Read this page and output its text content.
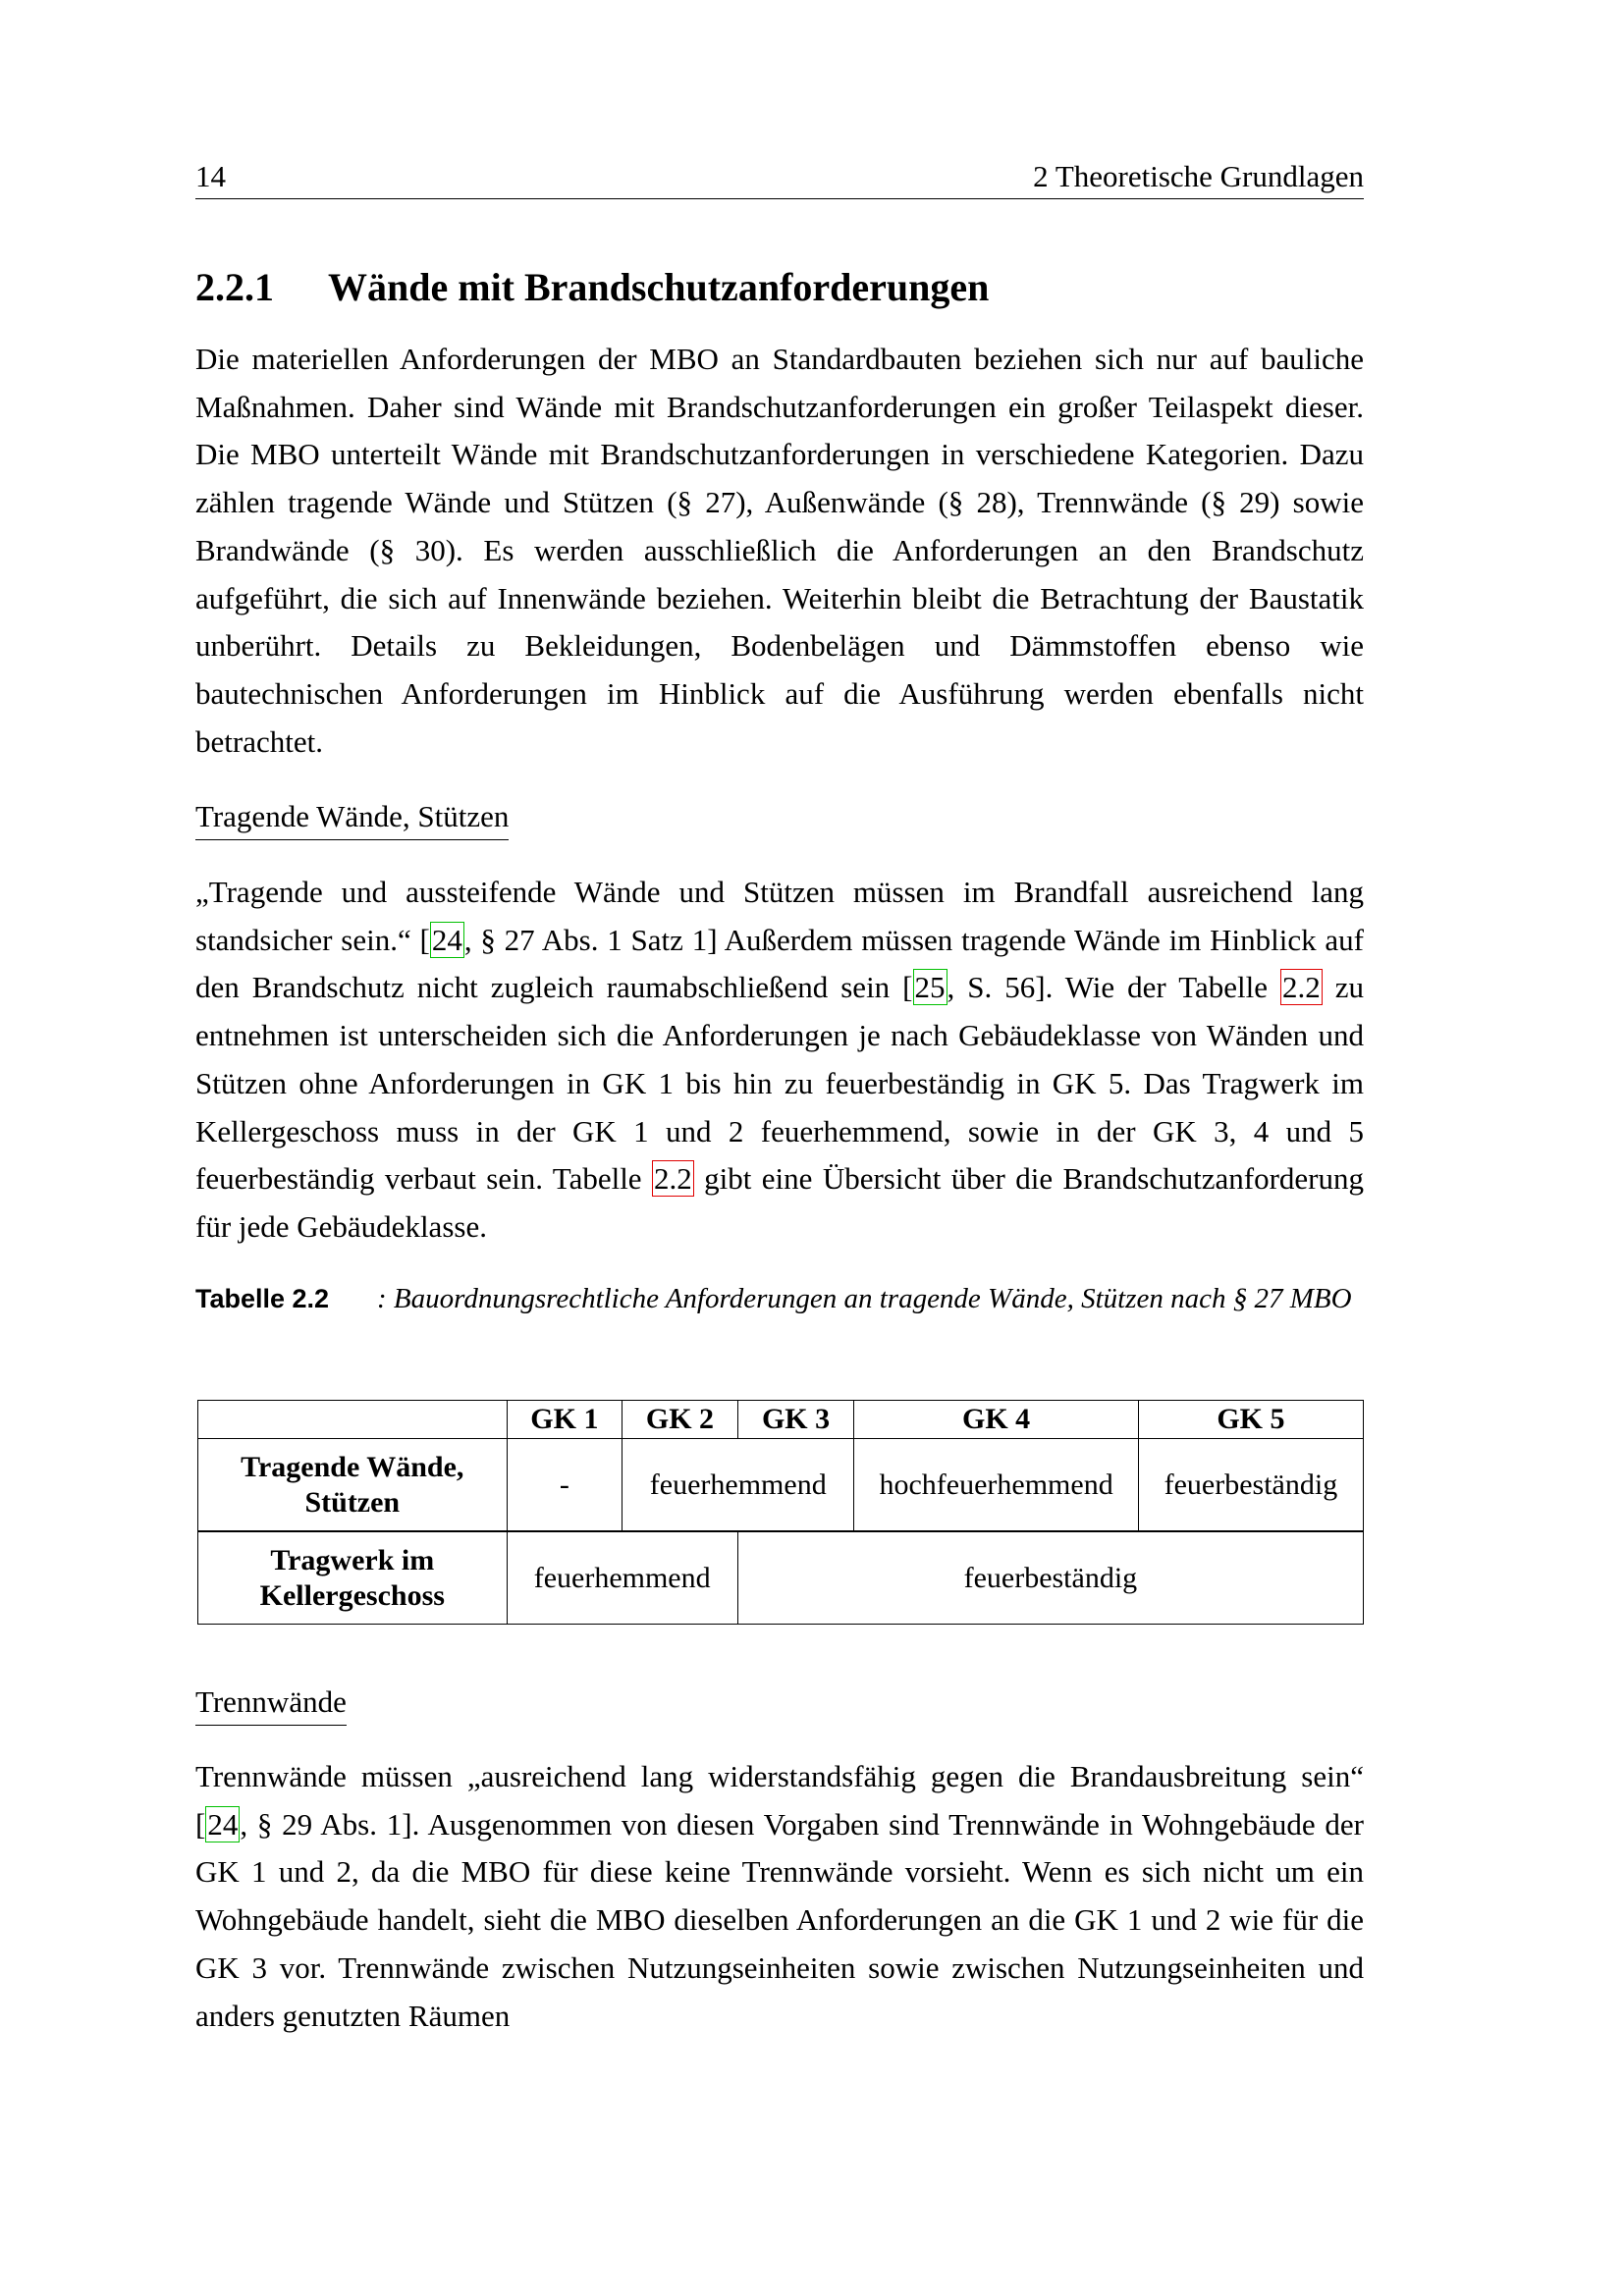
14	2 Theoretische Grundlagen
2.2.1 Wände mit Brandschutzanforderungen
Die materiellen Anforderungen der MBO an Standardbauten beziehen sich nur auf bauliche Maßnahmen. Daher sind Wände mit Brandschutzanforderungen ein großer Teilaspekt dieser. Die MBO unterteilt Wände mit Brandschutzanforderungen in verschiedene Kategorien. Dazu zählen tragende Wände und Stützen (§ 27), Außenwände (§ 28), Trennwände (§ 29) sowie Brandwände (§ 30). Es werden ausschließlich die Anforderungen an den Brandschutz aufgeführt, die sich auf Innenwände beziehen. Weiterhin bleibt die Betrachtung der Baustatik unberührt. Details zu Bekleidungen, Bodenbelägen und Dämmstoffen ebenso wie bautechnischen Anforderungen im Hinblick auf die Ausführung werden ebenfalls nicht betrachtet.
Tragende Wände, Stützen
„Tragende und aussteifende Wände und Stützen müssen im Brandfall ausreichend lang standsicher sein.“ [24, § 27 Abs. 1 Satz 1] Außerdem müssen tragende Wände im Hinblick auf den Brandschutz nicht zugleich raumabschließend sein [25, S. 56]. Wie der Tabelle 2.2 zu entnehmen ist unterscheiden sich die Anforderungen je nach Gebäudeklasse von Wänden und Stützen ohne Anforderungen in GK 1 bis hin zu feuerbeständig in GK 5. Das Tragwerk im Kellergeschoss muss in der GK 1 und 2 feuerhemmend, sowie in der GK 3, 4 und 5 feuerbeständig verbaut sein. Tabelle 2.2 gibt eine Übersicht über die Brandschutzanforderung für jede Gebäudeklasse.
Tabelle 2.2 : Bauordnungsrechtliche Anforderungen an tragende Wände, Stützen nach § 27 MBO
	GK 1	GK 2	GK 3	GK 4	GK 5
Tragende Wände, Stützen	-	feuerhemmend		hochfeuerhemmend	feuerbeständig
Tragwerk im Kellergeschoss	feuerhemmend		feuerbeständig		
Trennwände
Trennwände müssen „ausreichend lang widerstandsfähig gegen die Brandausbreitung sein“ [24, § 29 Abs. 1]. Ausgenommen von diesen Vorgaben sind Trennwände in Wohngebäude der GK 1 und 2, da die MBO für diese keine Trennwände vorsieht. Wenn es sich nicht um ein Wohngebäude handelt, sieht die MBO dieselben Anforderungen an die GK 1 und 2 wie für die GK 3 vor. Trennwände zwischen Nutzungseinheiten sowie zwischen Nutzungseinheiten und anders genutzten Räumen
